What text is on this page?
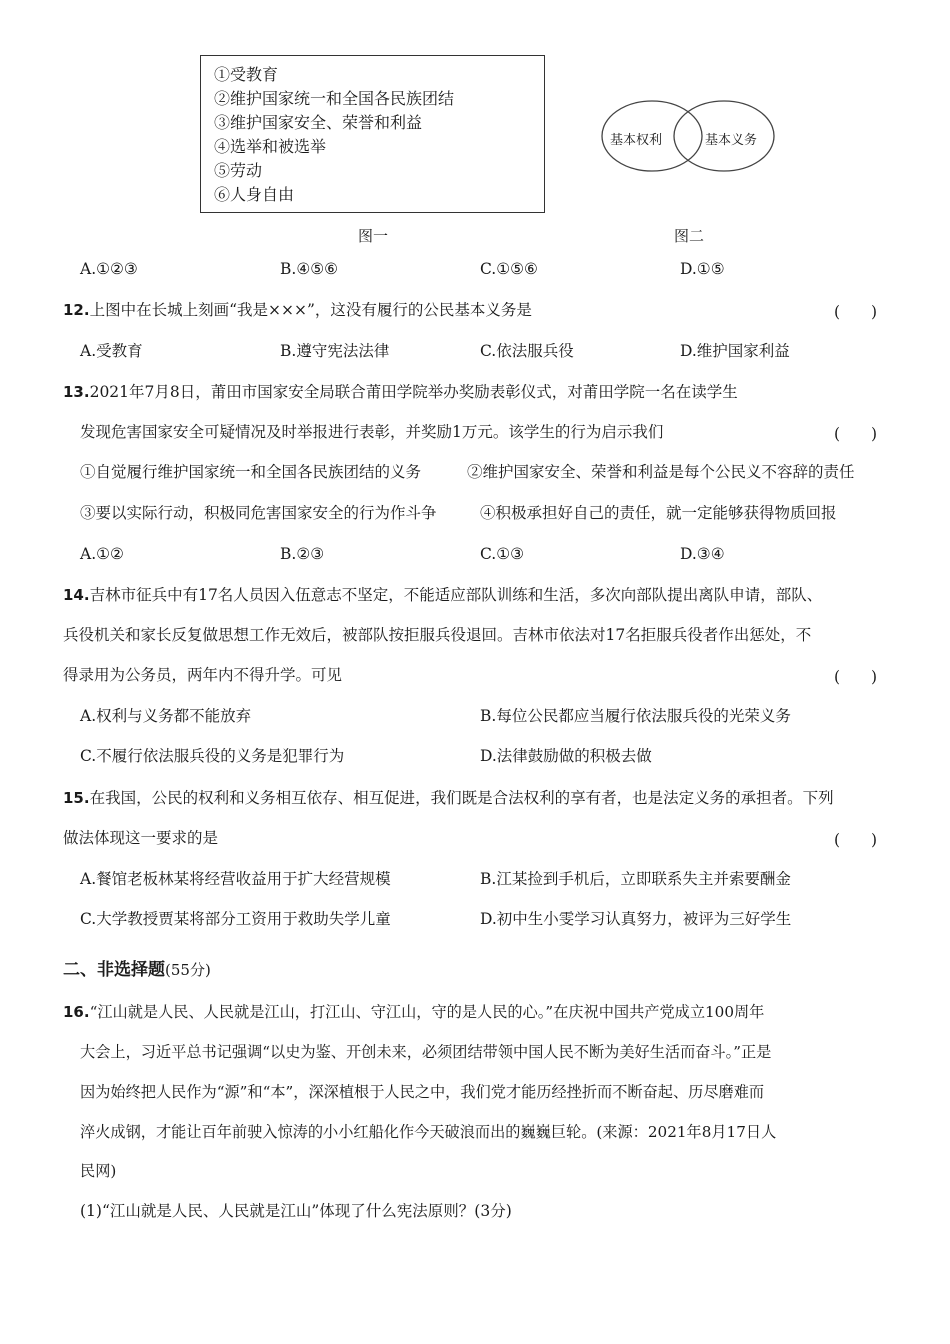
①受教育
②维护国家统一和全国各民族团结
③维护国家安全、荣誉和利益
④选举和被选举
⑤劳动
⑥人身自由
图一
基本权利	基本义务
图二
A.①②③	B.④⑤⑥	C.①⑤⑥	D.①⑤
12.上图中在长城上刻画“我是×××”，这没有履行的公民基本义务是	(　　)
A.受教育	B.遵守宪法法律	C.依法服兵役	D.维护国家利益
13.2021年7月8日，莆田市国家安全局联合莆田学院举办奖励表彰仪式，对莆田学院一名在读学生
发现危害国家安全可疑情况及时举报进行表彰，并奖励1万元。该学生的行为启示我们	(　　)
①自觉履行维护国家统一和全国各民族团结的义务	②维护国家安全、荣誉和利益是每个公民义不容辞的责任
③要以实际行动，积极同危害国家安全的行为作斗争	④积极承担好自己的责任，就一定能够获得物质回报
A.①②	B.②③	C.①③	D.③④
14.吉林市征兵中有17名人员因入伍意志不坚定，不能适应部队训练和生活，多次向部队提出离队申请，部队、
兵役机关和家长反复做思想工作无效后，被部队按拒服兵役退回。吉林市依法对17名拒服兵役者作出惩处，不
得录用为公务员，两年内不得升学。可见	(　　)
A.权利与义务都不能放弃	B.每位公民都应当履行依法服兵役的光荣义务
C.不履行依法服兵役的义务是犯罪行为	D.法律鼓励做的积极去做
15.在我国，公民的权利和义务相互依存、相互促进，我们既是合法权利的享有者，也是法定义务的承担者。下列
做法体现这一要求的是	(　　)
A.餐馆老板林某将经营收益用于扩大经营规模	B.江某捡到手机后，立即联系失主并索要酬金
C.大学教授贾某将部分工资用于救助失学儿童	D.初中生小雯学习认真努力，被评为三好学生
二、非选择题(55分)
16.“江山就是人民、人民就是江山，打江山、守江山，守的是人民的心。”在庆祝中国共产党成立100周年
大会上，习近平总书记强调“以史为鉴、开创未来，必须团结带领中国人民不断为美好生活而奋斗。”正是
因为始终把人民作为“源”和“本”，深深植根于人民之中，我们党才能历经挫折而不断奋起、历尽磨难而
淬火成钢，才能让百年前驶入惊涛的小小红船化作今天破浪而出的巍巍巨轮。(来源：2021年8月17日人
民网)
(1)“江山就是人民、人民就是江山”体现了什么宪法原则？(3分)
